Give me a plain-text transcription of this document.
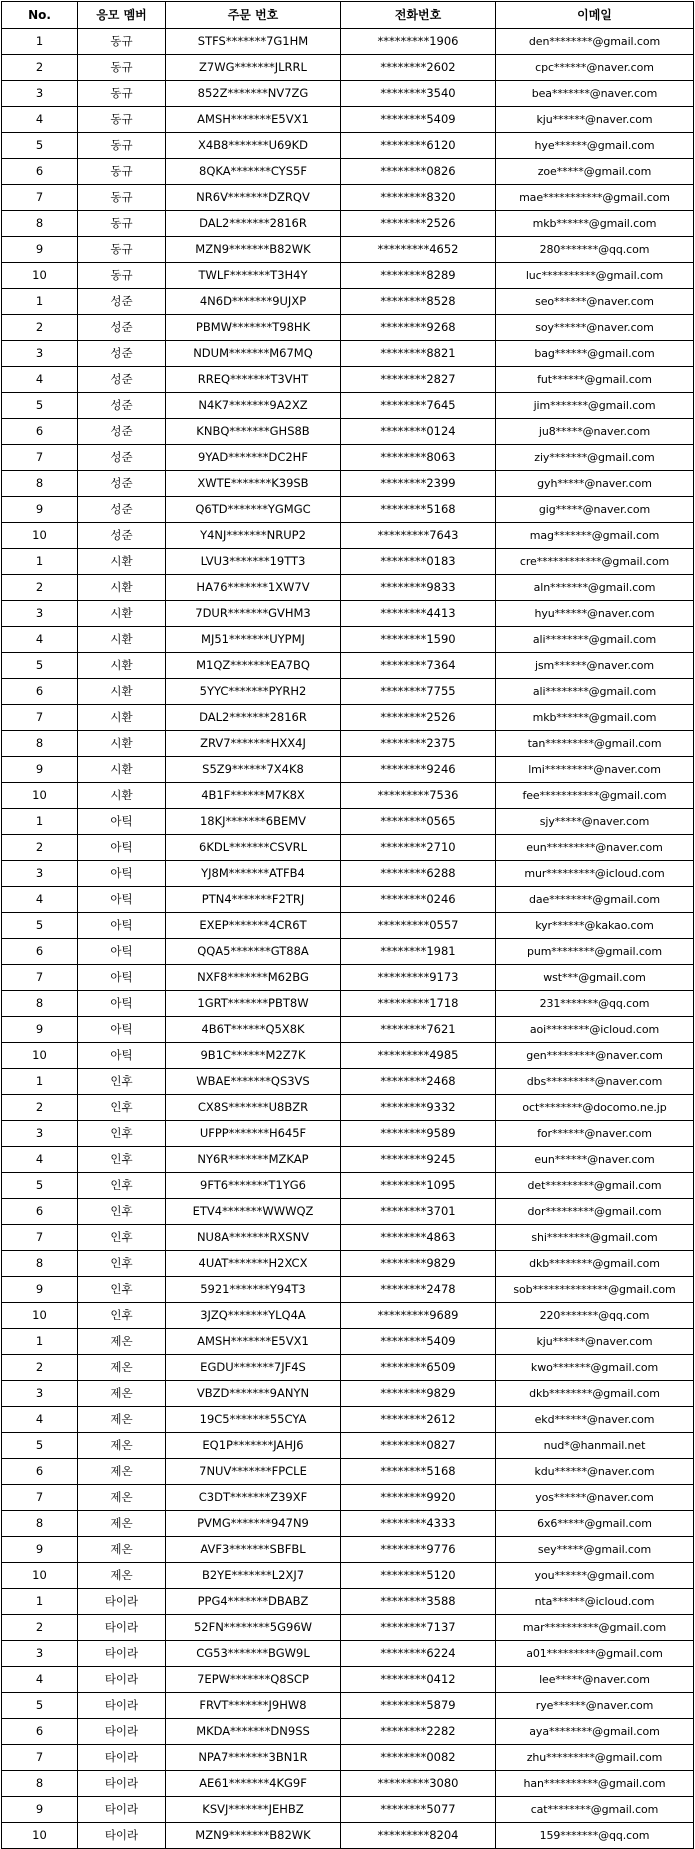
No.	응모 멤버	주문 번호	전화번호	이메일
1	동규	STFS*******7G1HM	*********1906	den********@gmail.com
2	동규	Z7WG*******JLRRL	********2602	cpc******@naver.com
3	동규	852Z*******NV7ZG	********3540	bea*******@naver.com
4	동규	AMSH*******E5VX1	********5409	kju******@naver.com
5	동규	X4B8*******U69KD	********6120	hye******@gmail.com
6	동규	8QKA*******CYS5F	********0826	zoe*****@gmail.com
7	동규	NR6V*******DZRQV	********8320	mae***********@gmail.com
8	동규	DAL2*******2816R	********2526	mkb******@gmail.com
9	동규	MZN9*******B82WK	*********4652	280*******@qq.com
10	동규	TWLF*******T3H4Y	********8289	luc**********@gmail.com
1	성준	4N6D*******9UJXP	********8528	seo******@naver.com
2	성준	PBMW*******T98HK	********9268	soy******@naver.com
3	성준	NDUM*******M67MQ	********8821	bag******@gmail.com
4	성준	RREQ*******T3VHT	********2827	fut******@gmail.com
5	성준	N4K7*******9A2XZ	********7645	jim*******@gmail.com
6	성준	KNBQ*******GHS8B	********0124	ju8*****@naver.com
7	성준	9YAD*******DC2HF	********8063	ziy*******@gmail.com
8	성준	XWTE*******K39SB	********2399	gyh*****@naver.com
9	성준	Q6TD*******YGMGC	********5168	gig*****@naver.com
10	성준	Y4NJ*******NRUP2	*********7643	mag*******@gmail.com
1	시환	LVU3*******19TT3	********0183	cre************@gmail.com
2	시환	HA76*******1XW7V	********9833	aln*******@gmail.com
3	시환	7DUR*******GVHM3	********4413	hyu******@naver.com
4	시환	MJ51*******UYPMJ	********1590	ali********@gmail.com
5	시환	M1QZ*******EA7BQ	********7364	jsm******@naver.com
6	시환	5YYC*******PYRH2	********7755	ali********@gmail.com
7	시환	DAL2*******2816R	********2526	mkb******@gmail.com
8	시환	ZRV7*******HXX4J	********2375	tan*********@gmail.com
9	시환	S5Z9******7X4K8	********9246	lmi*********@naver.com
10	시환	4B1F******M7K8X	*********7536	fee***********@gmail.com
1	아틱	18KJ*******6BEMV	********0565	sjy*****@naver.com
2	아틱	6KDL*******CSVRL	********2710	eun*********@naver.com
3	아틱	YJ8M*******ATFB4	********6288	mur*********@icloud.com
4	아틱	PTN4*******F2TRJ	********0246	dae********@gmail.com
5	아틱	EXEP*******4CR6T	*********0557	kyr******@kakao.com
6	아틱	QQA5*******GT88A	********1981	pum********@gmail.com
7	아틱	NXF8*******M62BG	*********9173	wst***@gmail.com
8	아틱	1GRT*******PBT8W	*********1718	231*******@qq.com
9	아틱	4B6T******Q5X8K	********7621	aoi********@icloud.com
10	아틱	9B1C******M2Z7K	*********4985	gen*********@naver.com
1	인후	WBAE*******QS3VS	********2468	dbs*********@naver.com
2	인후	CX8S*******U8BZR	********9332	oct********@docomo.ne.jp
3	인후	UFPP*******H645F	********9589	for******@naver.com
4	인후	NY6R*******MZKAP	********9245	eun******@naver.com
5	인후	9FT6*******T1YG6	********1095	det*********@gmail.com
6	인후	ETV4*******WWWQZ	********3701	dor*********@gmail.com
7	인후	NU8A*******RXSNV	********4863	shi********@gmail.com
8	인후	4UAT*******H2XCX	********9829	dkb********@gmail.com
9	인후	5921*******Y94T3	********2478	sob**************@gmail.com
10	인후	3JZQ*******YLQ4A	*********9689	220*******@qq.com
1	제온	AMSH*******E5VX1	********5409	kju******@naver.com
2	제온	EGDU*******7JF4S	********6509	kwo*******@gmail.com
3	제온	VBZD*******9ANYN	********9829	dkb********@gmail.com
4	제온	19C5*******55CYA	********2612	ekd******@naver.com
5	제온	EQ1P*******JAHJ6	********0827	nud*@hanmail.net
6	제온	7NUV*******FPCLE	********5168	kdu******@naver.com
7	제온	C3DT*******Z39XF	********9920	yos******@naver.com
8	제온	PVMG*******947N9	********4333	6x6*****@gmail.com
9	제온	AVF3*******SBFBL	********9776	sey*****@gmail.com
10	제온	B2YE*******L2XJ7	********5120	you******@gmail.com
1	타이라	PPG4*******DBABZ	********3588	nta******@icloud.com
2	타이라	52FN********5G96W	********7137	mar**********@gmail.com
3	타이라	CG53*******BGW9L	********6224	a01*********@gmail.com
4	타이라	7EPW*******Q8SCP	********0412	lee*****@naver.com
5	타이라	FRVT*******J9HW8	********5879	rye******@naver.com
6	타이라	MKDA*******DN9SS	********2282	aya********@gmail.com
7	타이라	NPA7*******3BN1R	********0082	zhu*********@gmail.com
8	타이라	AE61*******4KG9F	*********3080	han**********@gmail.com
9	타이라	KSVJ*******JEHBZ	********5077	cat********@gmail.com
10	타이라	MZN9*******B82WK	*********8204	159*******@qq.com
